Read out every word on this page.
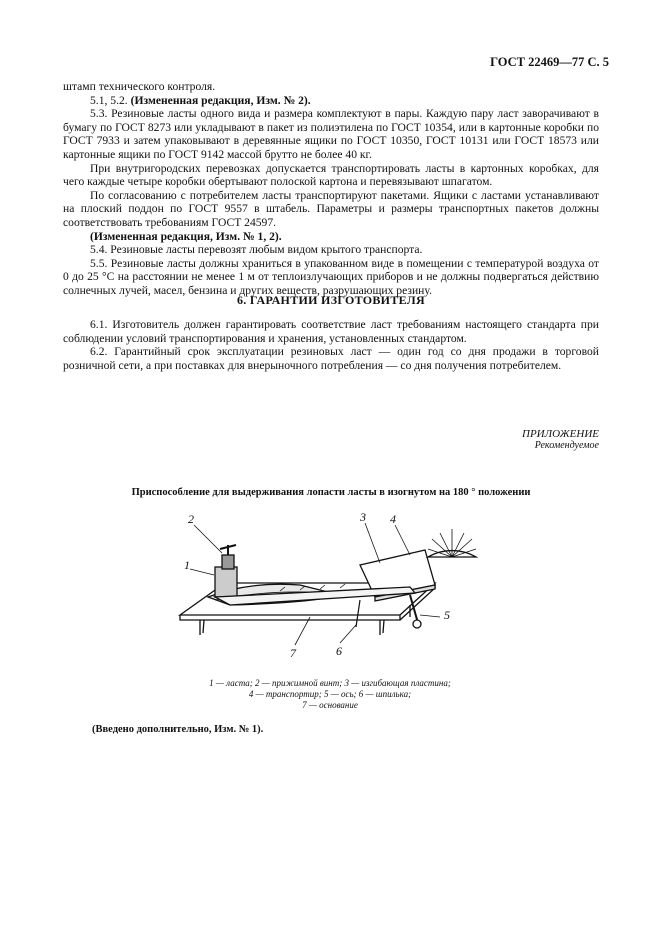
ГОСТ 22469—77 С. 5

штамп технического контроля.

5.1, 5.2. (Измененная редакция, Изм. № 2).

5.3. Резиновые ласты одного вида и размера комплектуют в пары. Каждую пару ласт заворачивают в бумагу по ГОСТ 8273 или укладывают в пакет из полиэтилена по ГОСТ 10354, или в картонные коробки по ГОСТ 7933 и затем упаковывают в деревянные ящики по ГОСТ 10350, ГОСТ 10131 или ГОСТ 18573 или картонные ящики по ГОСТ 9142 массой брутто не более 40 кг.

При внутригородских перевозках допускается транспортировать ласты в картонных коробках, для чего каждые четыре коробки обертывают полоской картона и перевязывают шпагатом.

По согласованию с потребителем ласты транспортируют пакетами. Ящики с ластами устанавливают на плоский поддон по ГОСТ 9557 в штабель. Параметры и размеры транспортных пакетов должны соответствовать требованиям ГОСТ 24597.

(Измененная редакция, Изм. № 1, 2).

5.4. Резиновые ласты перевозят любым видом крытого транспорта.

5.5. Резиновые ласты должны храниться в упакованном виде в помещении с температурой воздуха от 0 до 25 °С на расстоянии не менее 1 м от теплоизлучающих приборов и не должны подвергаться действию солнечных лучей, масел, бензина и других веществ, разрушающих резину.

6. ГАРАНТИИ ИЗГОТОВИТЕЛЯ

6.1. Изготовитель должен гарантировать соответствие ласт требованиям настоящего стандарта при соблюдении условий транспортирования и хранения, установленных стандартом.

6.2. Гарантийный срок эксплуатации резиновых ласт — один год со дня продажи в торговой розничной сети, а при поставках для внерыночного потребления — со дня получения потребителем.

ПРИЛОЖЕНИЕ
Рекомендуемое
Приспособление для выдерживания лопасти ласты в изогнутом на 180 ° положении
2
1
3 4
5
6
7
1 — ласта; 2 — прижимной винт; 3 — изгибающая пластина;
4 — транспортир; 5 — ось; 6 — шпилька;
7 — основание
(Введено дополнительно, Изм. № 1).
